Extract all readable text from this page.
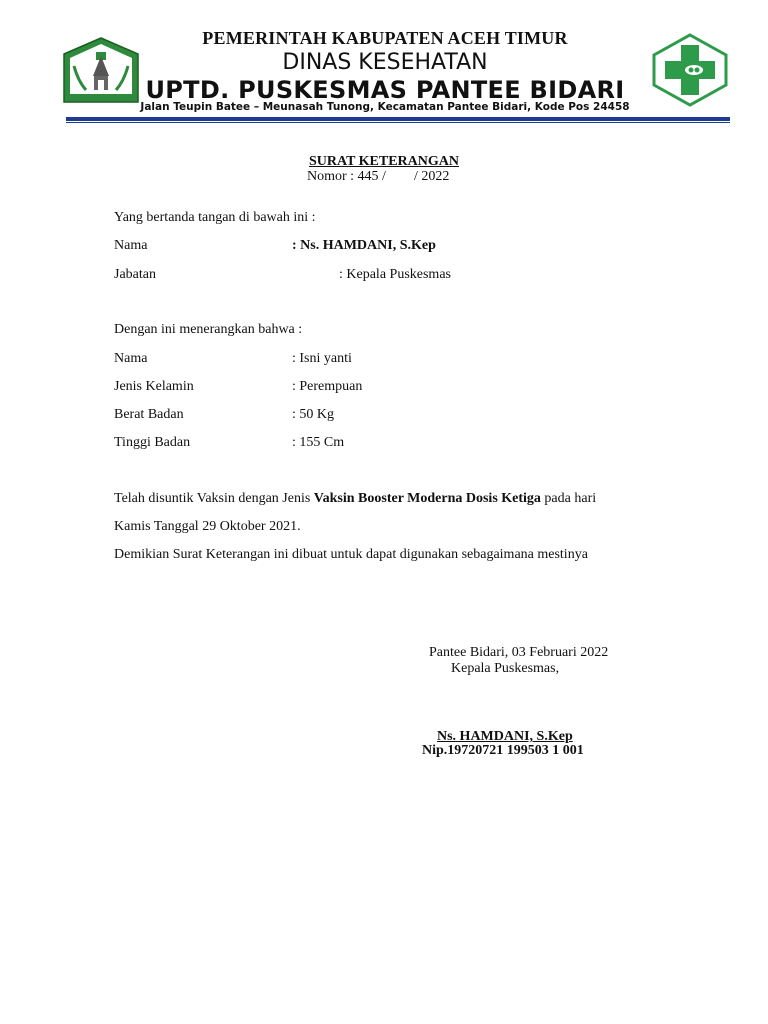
PEMERINTAH KABUPATEN ACEH TIMUR
DINAS KESEHATAN
UPTD. PUSKESMAS PANTEE BIDARI
Jalan Teupin Batee – Meunasah Tunong, Kecamatan Pantee Bidari, Kode Pos 24458
SURAT KETERANGAN
Nomor : 445 /        / 2022
Yang bertanda tangan di bawah ini :
Nama	: Ns. HAMDANI, S.Kep
Jabatan	: Kepala Puskesmas
Dengan ini menerangkan bahwa :
Nama	: Isni yanti
Jenis Kelamin	: Perempuan
Berat Badan	: 50 Kg
Tinggi Badan	: 155 Cm
Telah disuntik Vaksin dengan Jenis Vaksin Booster Moderna Dosis Ketiga pada hari
Kamis Tanggal 29 Oktober 2021.
Demikian Surat Keterangan ini dibuat untuk dapat digunakan sebagaimana mestinya
Pantee Bidari, 03 Februari 2022
Kepala Puskesmas,
Ns. HAMDANI, S.Kep
Nip.19720721 199503 1 001
